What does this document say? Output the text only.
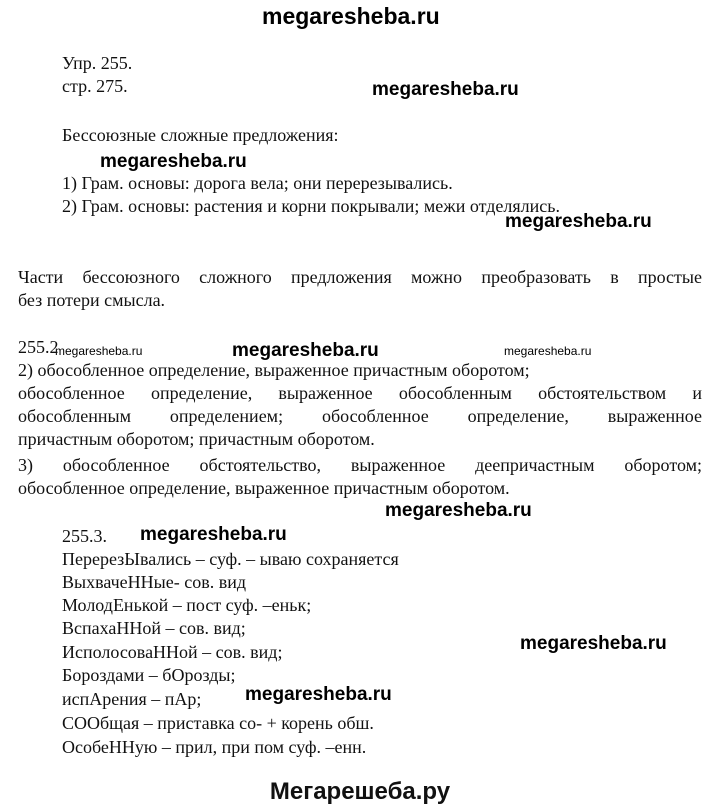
megaresheba.ru
megaresheba.ru
megaresheba.ru
megaresheba.ru
megaresheba.ru	megaresheba.ru	megaresheba.ru
megaresheba.ru
megaresheba.ru
megaresheba.ru
megaresheba.ru
Упр. 255.
стр. 275.
Бессоюзные сложные предложения:
1) Грам. основы: дорога вела; они перерезывались.
2) Грам. основы: растения и корни покрывали; межи отделялись.
Части бессоюзного сложного предложения можно преобразовать в простые
без потери смысла.
255.2
2) обособленное определение, выраженное причастным оборотом;
обособленное определение, выраженное обособленным обстоятельством и
обособленным определением; обособленное определение, выраженное
причастным оборотом; причастным оборотом.
3) обособленное обстоятельство, выраженное деепричастным оборотом;
обособленное определение, выраженное причастным оборотом.
255.3.
ПеререзЫвались – суф. – ываю сохраняется
ВыхвачеННые- сов. вид
МолодЕнькой – пост суф. –еньк;
ВспахаННой – сов. вид;
ИсполосоваННой – сов. вид;
Бороздами – бОрозды;
испАрения – пАр;
СООбщая – приставка со- + корень обш.
ОсобеННую – прил, при пом суф. –енн.
Мегарешеба.ру
